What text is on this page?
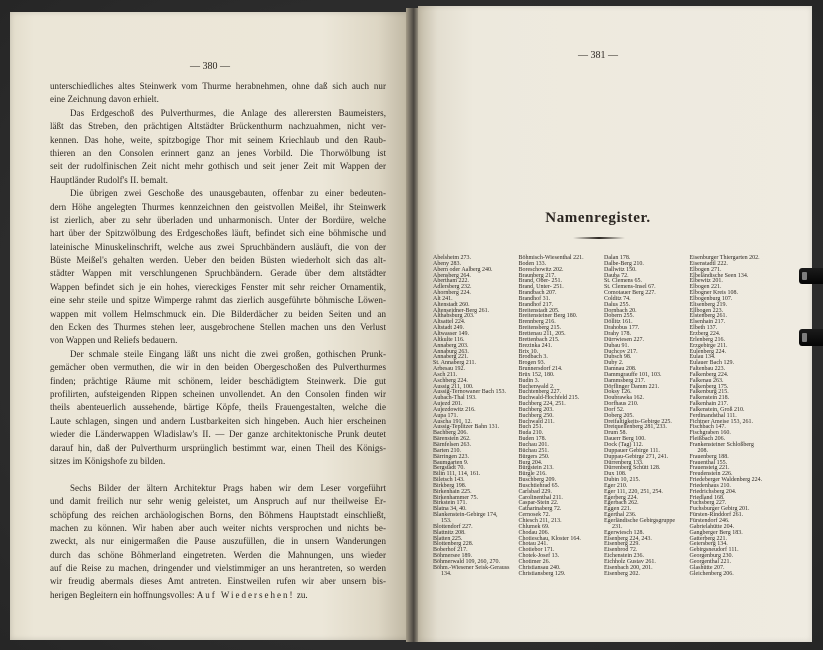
— 380 —
unterschiedliches altes Steinwerk vom Thurme herabnehmen, ohne daß sich auch nur
eine Zeichnung davon erhielt.
Das Erdgeschoß des Pulverthurmes, die Anlage des allerersten Baumeisters,
läßt das Streben, den prächtigen Altstädter Brückenthurm nachzuahmen, nicht ver-
kennen. Das hohe, weite, spitzbogige Thor mit seinem Kriechlaub und den Raub-
thieren an den Consolen erinnert ganz an jenes Vorbild. Die Thorwölbung ist
seit der rudolfinischen Zeit nicht mehr gothisch und seit jener Zeit mit Wappen der
Hauptländer Rudolf's II. bemalt.
Die übrigen zwei Geschoße des unausgebauten, offenbar zu einer bedeuten-
dern Höhe angelegten Thurmes kennzeichnen den geistvollen Meißel, ihr Steinwerk
ist zierlich, aber zu sehr überladen und unharmonisch. Unter der Bordüre, welche
hart über der Spitzwölbung des Erdgeschoßes läuft, befindet sich eine böhmische und
lateinische Minuskelinschrift, welche aus zwei Spruchbändern ausläuft, die von der
Büste Meißel's gehalten werden. Ueber den beiden Büsten wiederholt sich das alt-
städter Wappen mit verschlungenen Spruchbändern. Gerade über dem altstädter
Wappen befindet sich je ein hohes, viereckiges Fenster mit sehr reicher Ornamentik,
eine sehr steile und spitze Wimperge rahmt das zierlich ausgeführte böhmische Löwen-
wappen mit vollem Helmschmuck ein. Die Bilderdächer zu beiden Seiten und an
den Ecken des Thurmes stehen leer, ausgebrochene Stellen machen uns den Verlust
von Wappen und Reliefs bedauern.
Der schmale steile Eingang läßt uns nicht die zwei großen, gothischen Prunk-
gemächer oben vermuthen, die wir in den beiden Obergeschoßen des Pulverthurmes
finden; prächtige Räume mit schönem, leider beschädigtem Steinwerk. Die gut
profilirten, aufsteigenden Rippen scheinen unvollendet. An den Consolen finden wir
theils abenteuerlich aussehende, bärtige Köpfe, theils Frauengestalten, welche die
Laute schlagen, singen und andern Lustbarkeiten sich hingeben. Auch hier erscheinen
wieder die Länderwappen Wladislaw's II. — Der ganze architektonische Prunk deutet
darauf hin, daß der Pulverthurm ursprünglich bestimmt war, einen Theil des Königs-
sitzes im Königshofe zu bilden.
Sechs Bilder der ältern Architektur Prags haben wir dem Leser vorgeführt
und damit freilich nur sehr wenig geleistet, um Anspruch auf nur theilweise Er-
schöpfung des reichen archäologischen Borns, den Böhmens Hauptstadt einschließt,
machen zu können. Wir haben aber auch weiter nichts versprochen und nichts be-
zweckt, als nur einigermaßen die Pause auszufüllen, die in unsern Wanderungen
durch das schöne Böhmerland eingetreten. Werden die Mahnungen, uns wieder
auf die Reise zu machen, dringender und vielstimmiger an uns herantreten, so werden
wir freudig abermals dieses Amt antreten. Einstweilen rufen wir aber unsern bis-
herigen Begleitern ein hoffnungsvolles: Auf Wiedersehen! zu.
— 381 —
Namenregister.
Abelsheim 273.
Abeny 283.
Abern oder Aalberg 240.
Abensberg 264.
Abertham 222.
Adlersberg 232.
Ahornberg 224.
Alt 241.
Altenstadt 260.
Altenseidner-Berg 261.
Althabsburg 203.
Altsattel 224.
Altstadt 249.
Altwasser 149.
Altkulte 116.
Annaberg 203.
Annaburg 263.
Annaberg 221.
St. Annaberg 211.
Arbesau 192.
Asch 211.
Aschberg 224.
Aussig 211, 100.
Aussig-Ternowaner Bach 153.
Aubach-Thal 193.
Aujezd 201.
Aujezdowitz 216.
Aupa 171.
Auscha 191, 12.
Aussig-Teplitzer Bahn 131.
Bachberg 206.
Bärenstein 262.
Bärnfelsen 263.
Barten 210.
Bärringen 223.
Baumgarten 9.
Bergstadt 70.
Bilin 111, 114, 161.
Biletsch 143.
Birkberg 198.
Birkenhain 225.
Birkenhammer 75.
Birkstein 171.
Blatna 34, 40.
Blankenstein-Gebirge 174,
153.
Blottendorf 227.
Blattnitz 208.
Blatten 225.
Blottenberg 228.
Boberhof 217.
Böhmersee 189.
Böhmerwald 109, 260, 270.
Böhm.-Wiesener Seisk-Gerauss
134.
Böhmisch-Wiesenthal 221.
Boden 133.
Boreschowitz 202.
Braunberg 217.
Brand, Ober- 251.
Brand, Unter- 251.
Brandbach 207.
Brandhof 31.
Brandhof 217.
Breitenstadt 205.
Breitensteiner Berg 180.
Brennberg 216.
Breitensberg 215.
Brettenau 211, 205.
Brettenbach 215.
Brezinka 241.
Brix 10.
Brodbach 3.
Brogen 93.
Brunnersdorf 214.
Brüx 152, 180.
Budin 3.
Buchenwald 2.
Buchtenberg 227.
Buchwald-Hochfeld 215.
Buchberg 224, 251.
Buchberg 203.
Buchberg 250.
Buchwald 211.
Buch 251.
Buda 210.
Buden 178.
Buchau 201.
Büchau 251.
Bürgers 250.
Burg 204.
Bürgstein 213.
Bürgle 216.
Buschberg 209.
Buschtiehrad 65.
Carlsbad 229.
Carolinenthal 211.
Caspar-Stein 22.
Catharinaberg 72.
Cernosek 72.
Chiesch 211, 213.
Chlumek 69.
Chodau 206.
Chotieschau, Kloster 164.
Chotau 241.
Chotiebor 171.
Chotek-Josef 13.
Chotimer 26.
Christiansau 240.
Christiansberg 129.
Dalan 178.
Dalbe-Berg 210.
Dallwitz 150.
Dauba 72.
St. Clemens 65.
St. Clemens-Insel 67.
Comotauer Berg 227.
Colditz 74.
Dalus 255.
Dornbach 20.
Dobern 255.
Döllitz 161.
Drahobus 177.
Drahy 178.
Dürrwiesen 227.
Dubau 91.
Duchcov 217.
Dubsch 98.
Duby 2.
Damnau 208.
Dammgrauffe 101, 103.
Dammsberg 217.
Dörflinger Damm 221.
Doksy 126.
Doubrawka 162.
Dorfhaus 210.
Dorf 52.
Doberg 205.
Dreifaltigkeits-Gebirge 225.
Dreiquellenberg 281, 233.
Drum 58.
Dauerr Berg 100.
Dock (Tag) 112.
Duppauer Gebirge 111.
Duppau-Gebirge 271, 241.
Dürrenberg 133.
Dürrenberg Schütt 128.
Dux 108.
Dubin 10, 215.
Eger 210.
Eger 111, 220, 251, 254.
Egerberg 224.
Egerbach 262.
Eggen 221.
Egerthal 236.
Egerländische Gebirgsgruppe
231.
Egerwiesch 128.
Eisenberg 224, 243.
Eisenberg 229.
Eisenbrod 72.
Eichenstein 236.
Eichholz Gustav 261.
Eisenbach 200, 201.
Eisenberg 202.
Eisenburger Thiergarten 202.
Eisenstadtl 222.
Elbogen 271.
Elbeländische Seen 134.
Elbewitz 201.
Elbogen 221.
Elbogner Kreis 108.
Elbogenburg 107.
Elisenberg 219.
Ellbogen 223.
Elstenberg 261.
Elsenhain 217.
Elbeth 137.
Erzberg 224.
Erlenberg 216.
Erzgebirge 211.
Eulenberg 224.
Eulau 134.
Eulauer Bach 129.
Faltenbau 223.
Falkenberg 224.
Falkenau 263.
Falkenberg 175.
Falkenburg 215.
Falkenstein 218.
Falkenhain 217.
Falkenstein, Groß 210.
Ferdinandsthal 111.
Fichtner Ameise 153, 261.
Fischbach 147.
Fischgraben 160.
Fleißbach 206.
Frankensteiner Schloßberg
208.
Frauenberg 188.
Frauenthal 155.
Frauensteig 221.
Freudenstein 226.
Friedeberger Waldenberg 224.
Friedenhaus 210.
Friedrichsberg 204.
Friedland 168.
Fuchsberg 227.
Fuchsburger Gebirg 201.
Fürsten-Rinddorf 261.
Fürstendorf 246.
Gabrielahütte 204.
Gangberger Berg 183.
Gatterberg 221.
Geiersberg 134.
Gebirgsneudorf 111.
Georgenburg 230.
Georgenthal 221.
Glashütte 207.
Gleichenberg 206.
